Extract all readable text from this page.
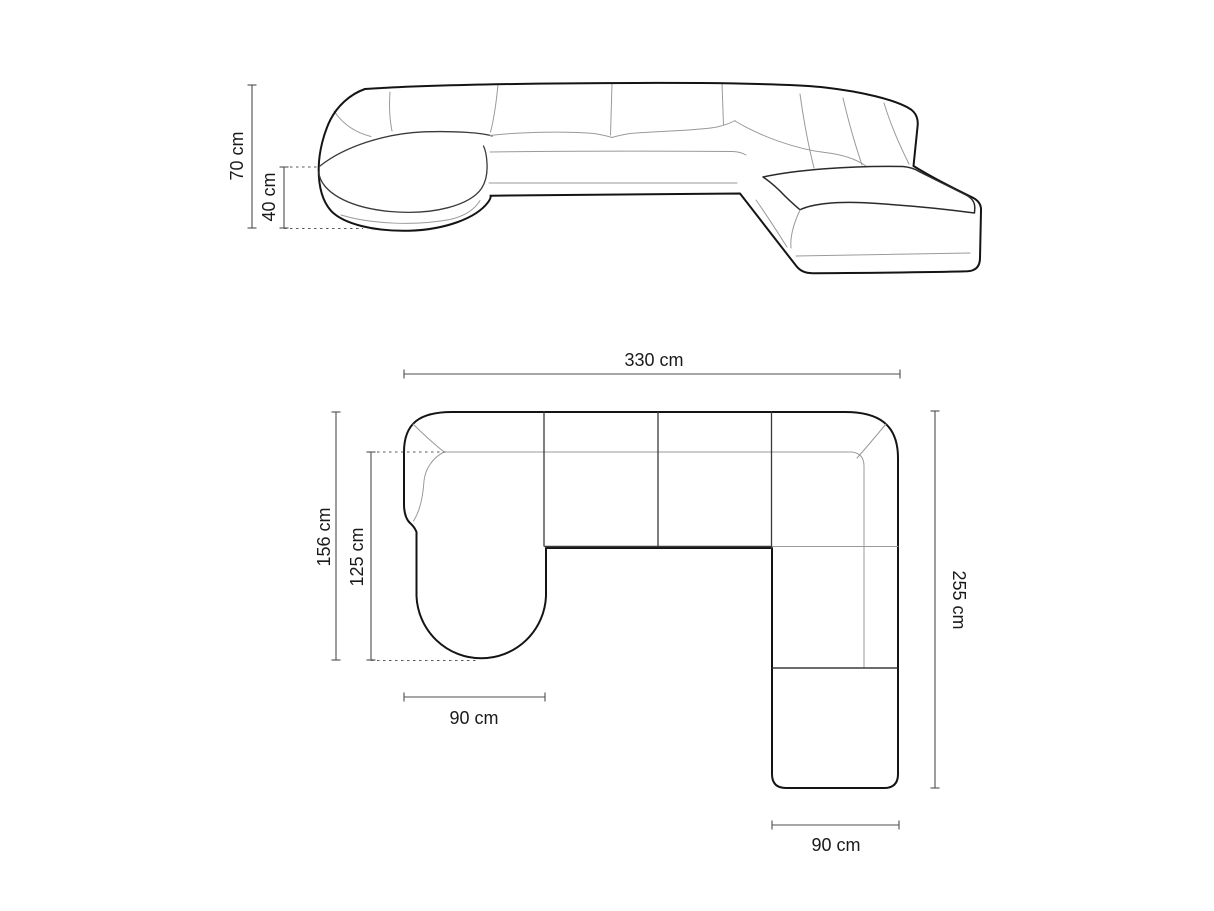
70 cm
40 cm
330 cm
156 cm 125 cm
255 cm
90 cm
90 cm
